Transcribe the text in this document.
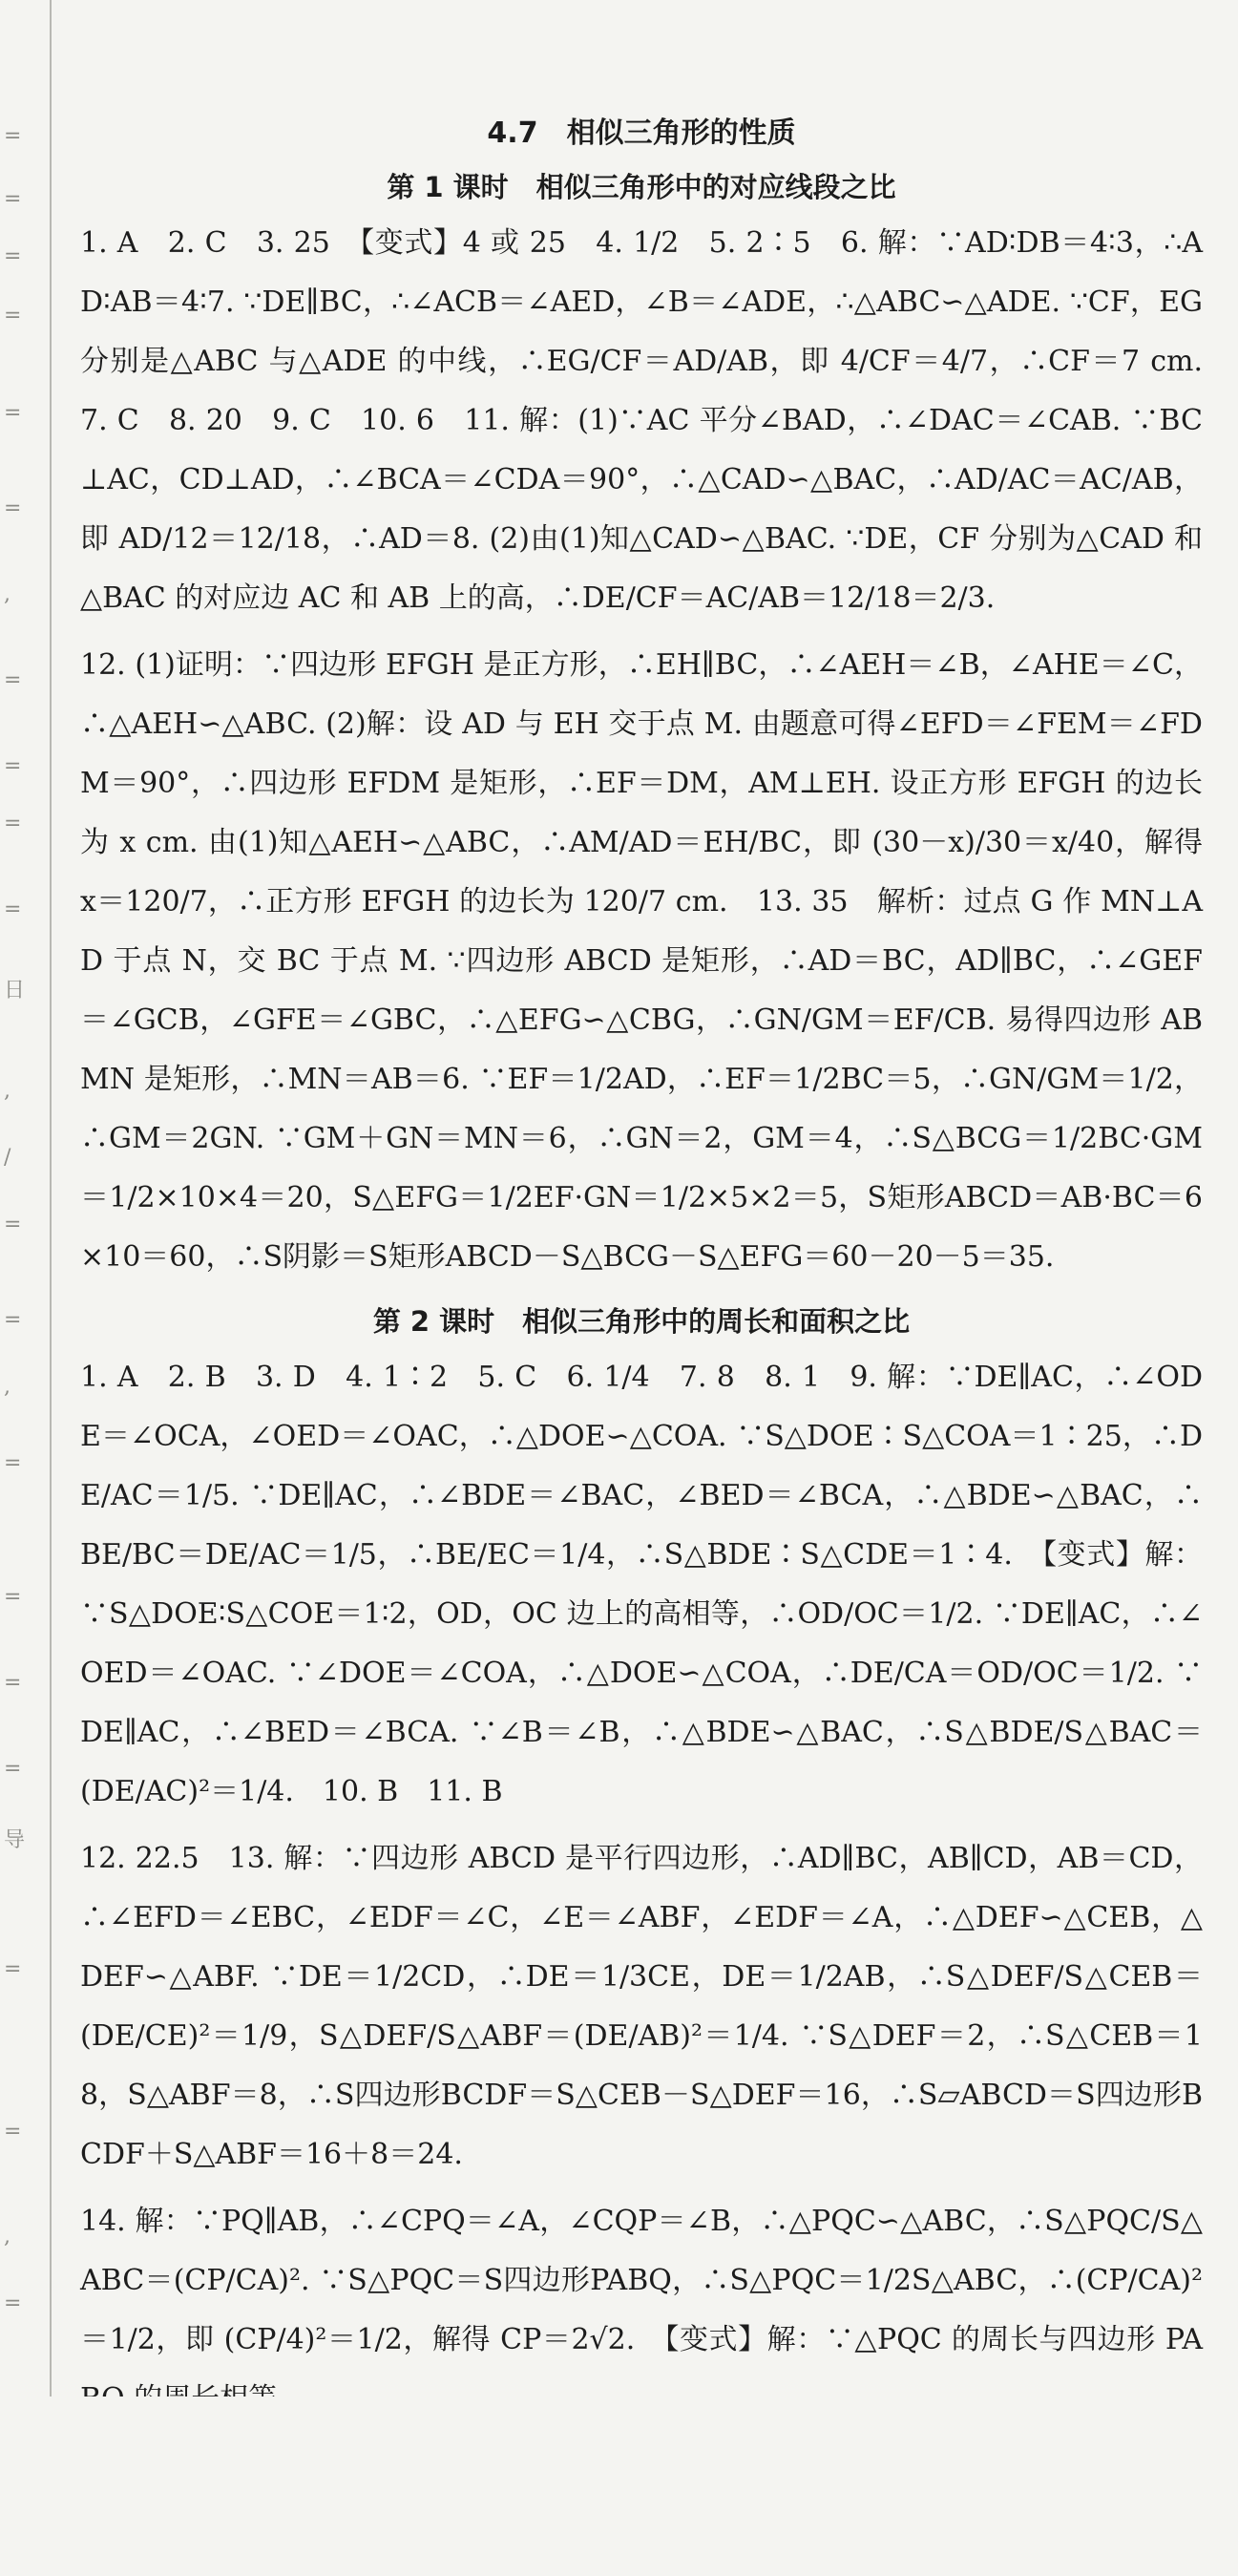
=
=
=
=
=
=
,
=
=
=
=
日
,
/
=
=
,
=
=
=
=
导
=
=
,
=
4.7　相似三角形的性质
第 1 课时　相似三角形中的对应线段之比

1. A　2. C　3. 25　【变式】4 或 25　4. 1/2　5. 2∶5　6. 解：∵AD∶DB＝4∶3，∴AD∶AB＝4∶7. ∵DE∥BC，∴∠ACB＝∠AED，∠B＝∠ADE，∴△ABC∽△ADE. ∵CF，EG 分别是△ABC 与△ADE 的中线，∴EG/CF＝AD/AB，即 4/CF＝4/7，∴CF＝7 cm.　7. C　8. 20　9. C　10. 6　11. 解：(1)∵AC 平分∠BAD，∴∠DAC＝∠CAB. ∵BC⊥AC，CD⊥AD，∴∠BCA＝∠CDA＝90°，∴△CAD∽△BAC，∴AD/AC＝AC/AB，即 AD/12＝12/18，∴AD＝8. (2)由(1)知△CAD∽△BAC. ∵DE，CF 分别为△CAD 和△BAC 的对应边 AC 和 AB 上的高，∴DE/CF＝AC/AB＝12/18＝2/3.

12. (1)证明：∵四边形 EFGH 是正方形，∴EH∥BC，∴∠AEH＝∠B，∠AHE＝∠C，∴△AEH∽△ABC. (2)解：设 AD 与 EH 交于点 M. 由题意可得∠EFD＝∠FEM＝∠FDM＝90°，∴四边形 EFDM 是矩形，∴EF＝DM，AM⊥EH. 设正方形 EFGH 的边长为 x cm. 由(1)知△AEH∽△ABC，∴AM/AD＝EH/BC，即 (30－x)/30＝x/40，解得 x＝120/7，∴正方形 EFGH 的边长为 120/7 cm.　13. 35　解析：过点 G 作 MN⊥AD 于点 N，交 BC 于点 M. ∵四边形 ABCD 是矩形，∴AD＝BC，AD∥BC，∴∠GEF＝∠GCB，∠GFE＝∠GBC，∴△EFG∽△CBG，∴GN/GM＝EF/CB. 易得四边形 ABMN 是矩形，∴MN＝AB＝6. ∵EF＝1/2AD，∴EF＝1/2BC＝5，∴GN/GM＝1/2，∴GM＝2GN. ∵GM＋GN＝MN＝6，∴GN＝2，GM＝4，∴S△BCG＝1/2BC·GM＝1/2×10×4＝20，S△EFG＝1/2EF·GN＝1/2×5×2＝5，S矩形ABCD＝AB·BC＝6×10＝60，∴S阴影＝S矩形ABCD－S△BCG－S△EFG＝60－20－5＝35.

第 2 课时　相似三角形中的周长和面积之比

1. A　2. B　3. D　4. 1∶2　5. C　6. 1/4　7. 8　8. 1　9. 解：∵DE∥AC，∴∠ODE＝∠OCA，∠OED＝∠OAC，∴△DOE∽△COA. ∵S△DOE∶S△COA＝1∶25，∴DE/AC＝1/5. ∵DE∥AC，∴∠BDE＝∠BAC，∠BED＝∠BCA，∴△BDE∽△BAC，∴BE/BC＝DE/AC＝1/5，∴BE/EC＝1/4，∴S△BDE∶S△CDE＝1∶4.　【变式】解：∵S△DOE∶S△COE＝1∶2，OD，OC 边上的高相等，∴OD/OC＝1/2. ∵DE∥AC，∴∠OED＝∠OAC. ∵∠DOE＝∠COA，∴△DOE∽△COA，∴DE/CA＝OD/OC＝1/2. ∵DE∥AC，∴∠BED＝∠BCA. ∵∠B＝∠B，∴△BDE∽△BAC，∴S△BDE/S△BAC＝(DE/AC)²＝1/4.　10. B　11. B

12. 22.5　13. 解：∵四边形 ABCD 是平行四边形，∴AD∥BC，AB∥CD，AB＝CD，∴∠EFD＝∠EBC，∠EDF＝∠C，∠E＝∠ABF，∠EDF＝∠A，∴△DEF∽△CEB，△DEF∽△ABF. ∵DE＝1/2CD，∴DE＝1/3CE，DE＝1/2AB，∴S△DEF/S△CEB＝(DE/CE)²＝1/9，S△DEF/S△ABF＝(DE/AB)²＝1/4. ∵S△DEF＝2，∴S△CEB＝18，S△ABF＝8，∴S四边形BCDF＝S△CEB－S△DEF＝16，∴S▱ABCD＝S四边形BCDF＋S△ABF＝16＋8＝24.

14. 解：∵PQ∥AB，∴∠CPQ＝∠A，∠CQP＝∠B，∴△PQC∽△ABC，∴S△PQC/S△ABC＝(CP/CA)². ∵S△PQC＝S四边形PABQ，∴S△PQC＝1/2S△ABC，∴(CP/CA)²＝1/2，即 (CP/4)²＝1/2，解得 CP＝2√2.　【变式】解：∵△PQC 的周长与四边形 PA
